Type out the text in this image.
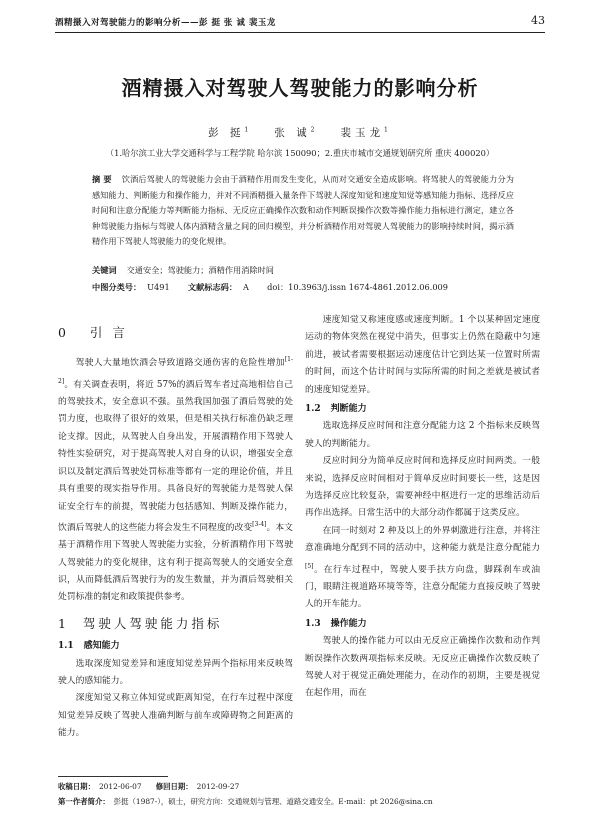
酒精摄入对驾驶能力的影响分析——彭 挺 张 诚 裴玉龙	43
酒精摄入对驾驶人驾驶能力的影响分析
彭 挺$^1$ 张 诚$^2$ 裴玉龙$^1$
（1.哈尔滨工业大学交通科学与工程学院 哈尔滨 150090；2.重庆市城市交通规划研究所 重庆 400020）
摘 要 饮酒后驾驶人的驾驶能力会由于酒精作用而发生变化，从而对交通安全造成影响。将驾驶人的驾驶能力分为感知能力、判断能力和操作能力，并对不同酒精摄入量条件下驾驶人深度知觉和速度知觉等感知能力指标、选择反应时间和注意分配能力等判断能力指标、无反应正确操作次数和动作判断误操作次数等操作能力指标进行测定，建立各种驾驶能力指标与驾驶人体内酒精含量之间的回归模型，并分析酒精作用对驾驶人驾驶能力的影响持续时间，揭示酒精作用下驾驶人驾驶能力的变化规律。
关键词 交通安全；驾驶能力；酒精作用消除时间
中图分类号： U491 文献标志码： A doi：10.3963/j.issn 1674-4861.2012.06.009
0 引 言

驾驶人大量地饮酒会导致道路交通伤害的危险性增加[1-2]。有关调查表明，将近 57%的酒后驾车者过高地相信自己的驾驶技术，安全意识不强。虽然我国加强了酒后驾驶的处罚力度，也取得了很好的效果，但是相关执行标准仍缺乏理论支撑。因此，从驾驶人自身出发，开展酒精作用下驾驶人特性实验研究，对于提高驾驶人对自身的认识，增强安全意识以及制定酒后驾驶处罚标准等都有一定的理论价值，并且具有重要的现实指导作用。具备良好的驾驶能力是驾驶人保证安全行车的前提，驾驶能力包括感知、判断及操作能力，饮酒后驾驶人的这些能力将会发生不同程度的改变[3-4]。本文基于酒精作用下驾驶人驾驶能力实验，分析酒精作用下驾驶人驾驶能力的变化规律，这有利于提高驾驶人的交通安全意识，从而降低酒后驾驶行为的发生数量，并为酒后驾驶相关处罚标准的制定和政策提供参考。

1 驾驶人驾驶能力指标
1.1 感知能力

选取深度知觉差异和速度知觉差异两个指标用来反映驾驶人的感知能力。

深度知觉又称立体知觉或距离知觉，在行车过程中深度知觉差异反映了驾驶人准确判断与前车或障碍物之间距离的能力。

速度知觉又称速度感或速度判断。1 个以某种固定速度运动的物体突然在视觉中消失，但事实上仍然在隐蔽中匀速前进，被试者需要根据运动速度估计它到达某一位置时所需的时间，而这个估计时间与实际所需的时间之差就是被试者的速度知觉差异。

1.2 判断能力

选取选择反应时间和注意分配能力这 2 个指标来反映驾驶人的判断能力。

反应时间分为简单反应时间和选择反应时间两类。一般来说，选择反应时间相对于简单反应时间要长一些，这是因为选择反应比较复杂，需要神经中枢进行一定的思维活动后再作出选择。日常生活中的大部分动作都属于这类反应。

在同一时刻对 2 种及以上的外界刺激进行注意，并将注意准确地分配到不同的活动中，这种能力就是注意分配能力[5]。在行车过程中，驾驶人要手扶方向盘，脚踩刹车或油门，眼睛注视道路环境等等，注意分配能力直接反映了驾驶人的开车能力。

1.3 操作能力

驾驶人的操作能力可以由无反应正确操作次数和动作判断误操作次数两项指标来反映。无反应正确操作次数反映了驾驶人对于视觉正确处理能力，在动作的初期，主要是视觉在起作用，而在

收稿日期： 2012-06-07 修回日期： 2012-09-27
第一作者简介： 彭挺（1987-），硕士，研究方向：交通规划与管理、道路交通安全。E-mail：pt 2026@sina.cn
